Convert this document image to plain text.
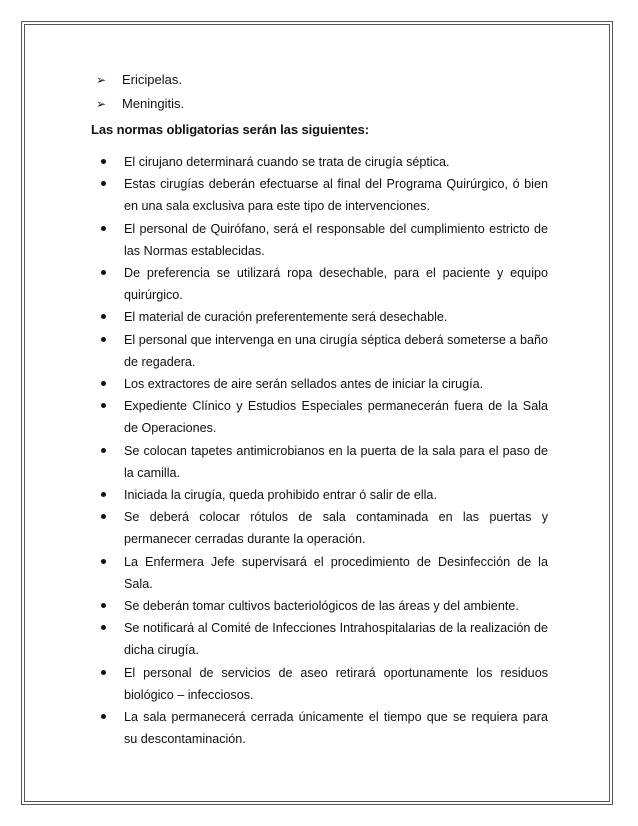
➢	Ericipelas.
➢	Meningitis.
Las normas obligatorias serán las siguientes:
El cirujano determinará cuando se trata de cirugía séptica.
Estas cirugías deberán efectuarse al final del Programa Quirúrgico, ó bien en una sala exclusiva para este tipo de intervenciones.
El personal de Quirófano, será el responsable del cumplimiento estricto de las Normas establecidas.
De preferencia se utilizará ropa desechable, para el paciente y equipo quirúrgico.
El material de curación preferentemente será desechable.
El personal que intervenga en una cirugía séptica deberá someterse a baño de regadera.
Los extractores de aire serán sellados antes de iniciar la cirugía.
Expediente Clínico y Estudios Especiales permanecerán fuera de la Sala de Operaciones.
Se colocan tapetes antimicrobianos en la puerta de la sala para el paso de la camilla.
Iniciada la cirugía, queda prohibido entrar ó salir de ella.
Se deberá colocar rótulos de sala contaminada en las puertas y permanecer cerradas durante la operación.
La Enfermera Jefe supervisará el procedimiento de Desinfección de la Sala.
Se deberán tomar cultivos bacteriológicos de las áreas y del ambiente.
Se notificará al Comité de Infecciones Intrahospitalarias de la realización de dicha cirugía.
El personal de servicios de aseo retirará oportunamente los residuos biológico – infecciosos.
La sala permanecerá cerrada únicamente el tiempo que se requiera para su descontaminación.
